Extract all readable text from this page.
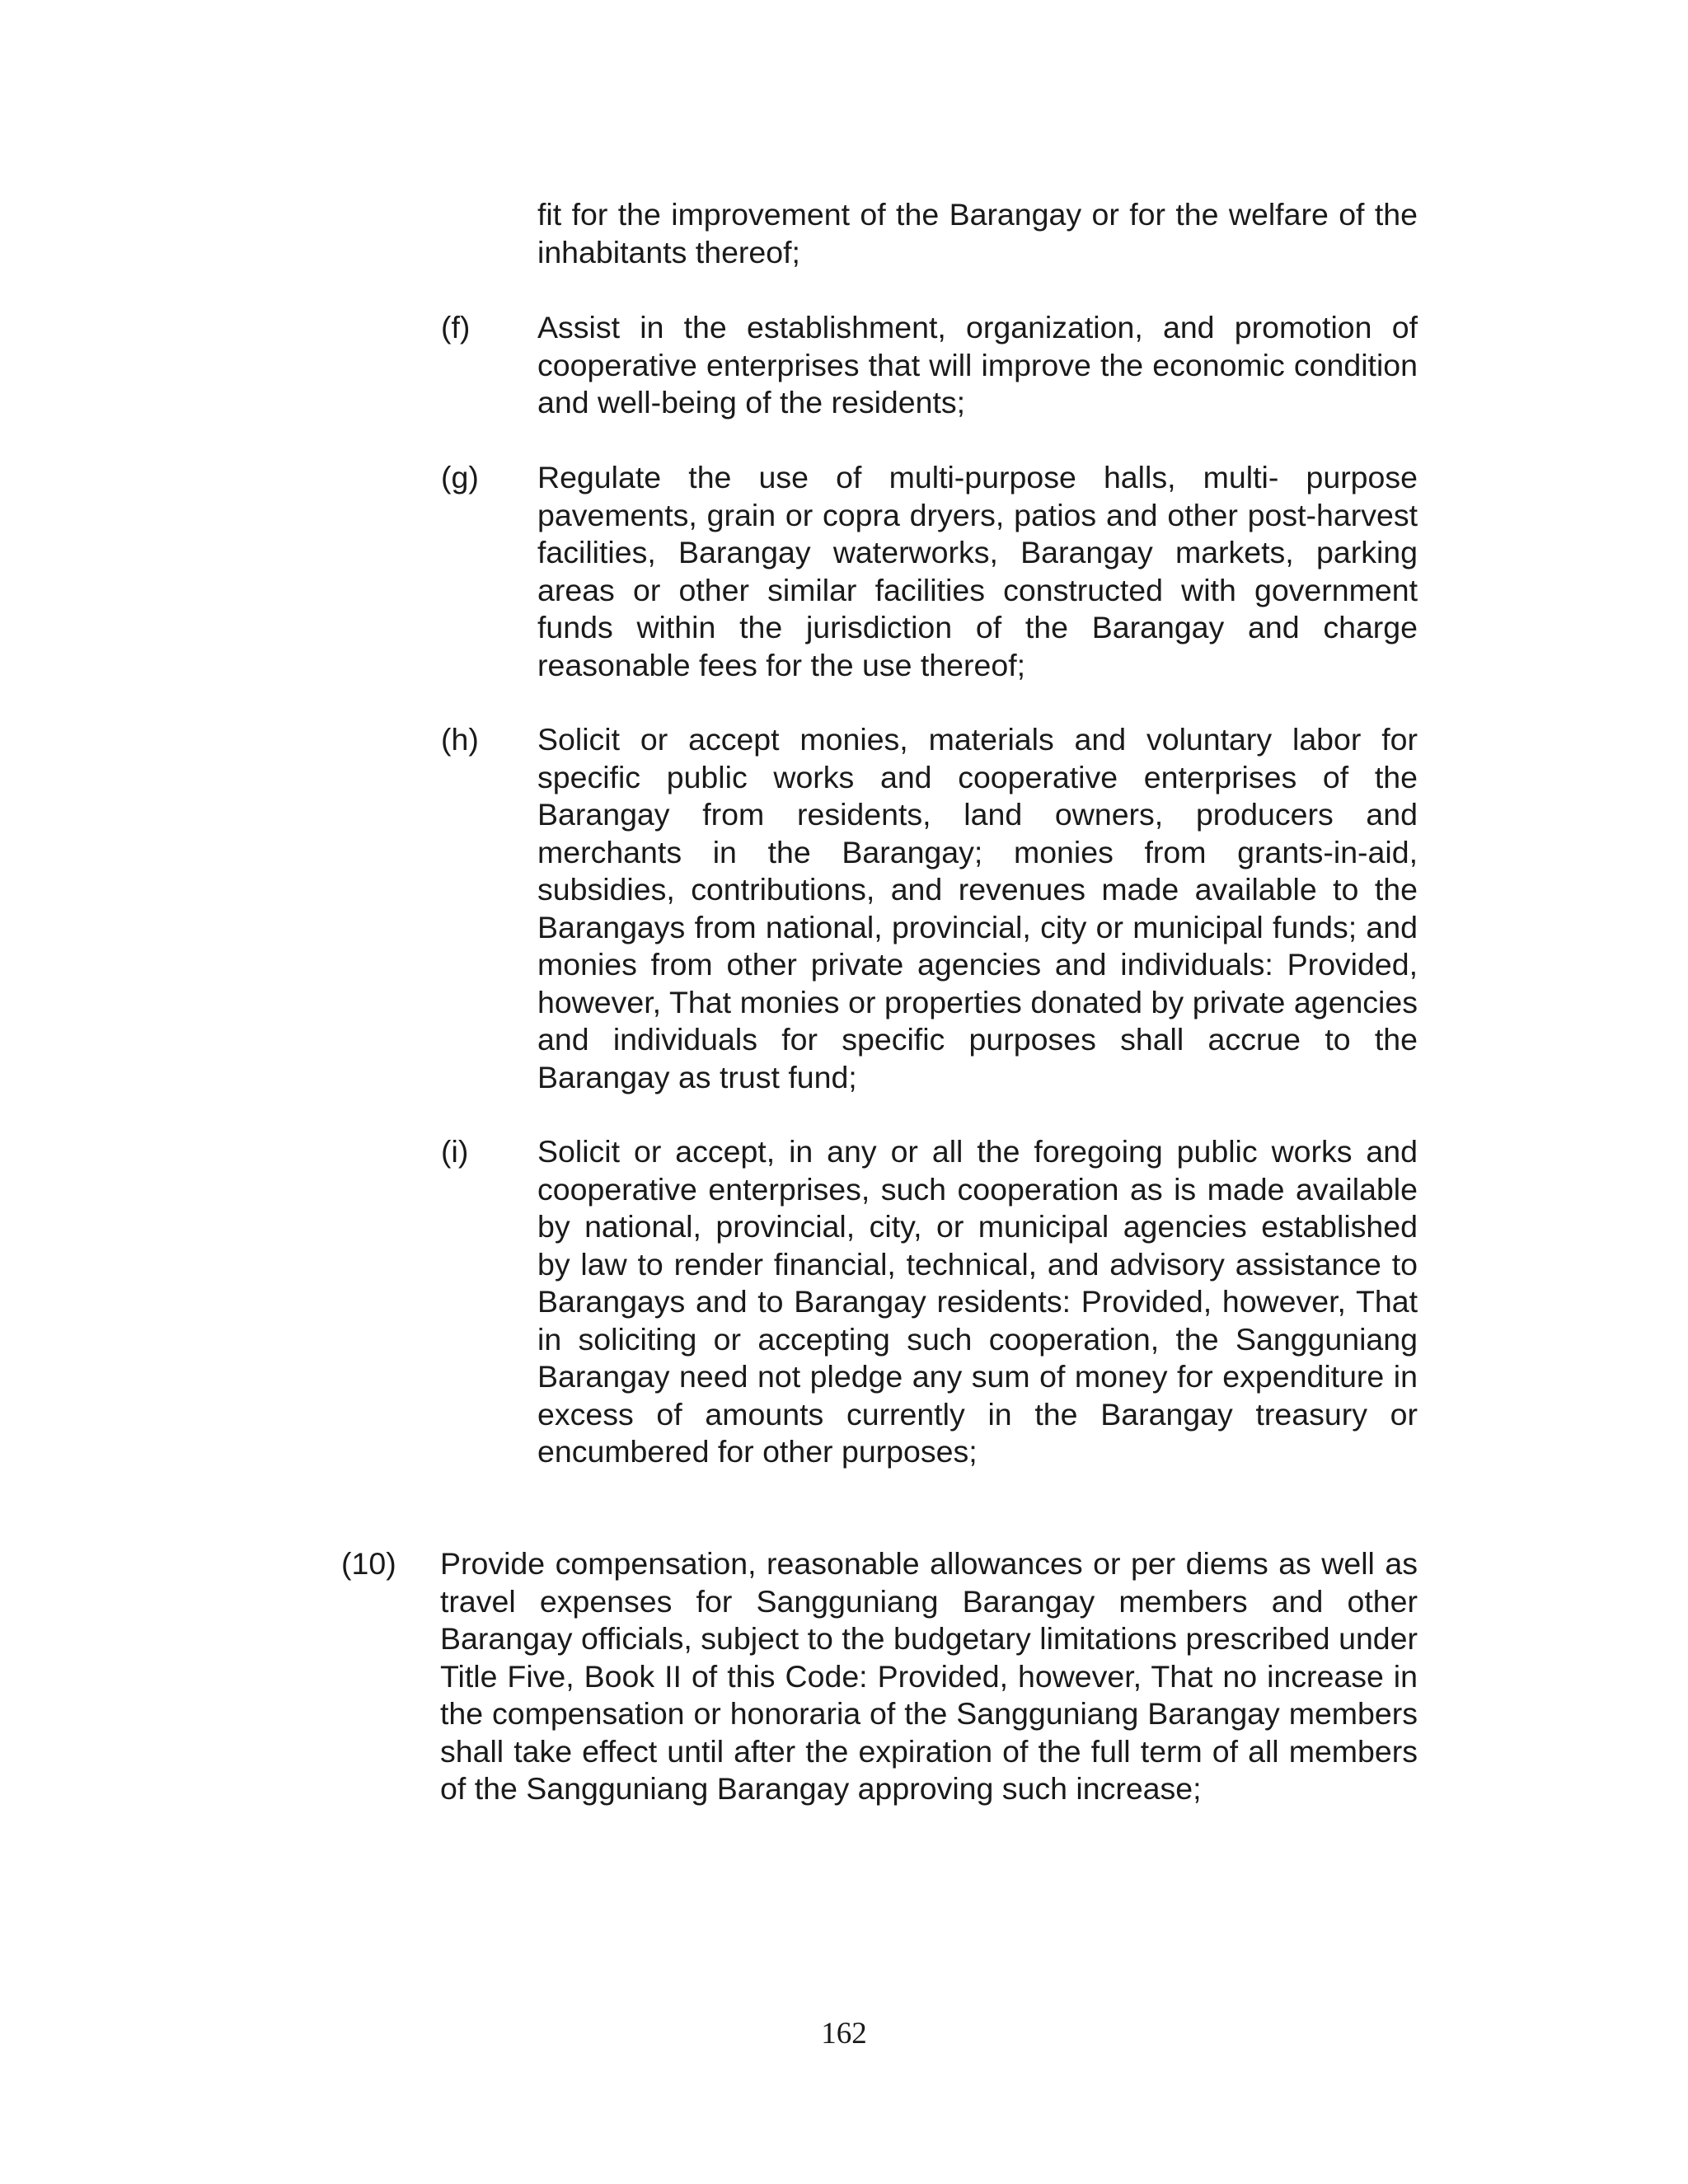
fit for the improvement of the Barangay or for the welfare of the inhabitants thereof;
(f) Assist in the establishment, organization, and promotion of cooperative enterprises that will improve the economic condition and well-being of the residents;
(g) Regulate the use of multi-purpose halls, multi- purpose pavements, grain or copra dryers, patios and other post-harvest facilities, Barangay waterworks, Barangay markets, parking areas or other similar facilities constructed with government funds within the jurisdiction of the Barangay and charge reasonable fees for the use thereof;
(h) Solicit or accept monies, materials and voluntary labor for specific public works and cooperative enterprises of the Barangay from residents, land owners, producers and merchants in the Barangay; monies from grants-in-aid, subsidies, contributions, and revenues made available to the Barangays from national, provincial, city or municipal funds; and monies from other private agencies and individuals: Provided, however, That monies or properties donated by private agencies and individuals for specific purposes shall accrue to the Barangay as trust fund;
(i) Solicit or accept, in any or all the foregoing public works and cooperative enterprises, such cooperation as is made available by national, provincial, city, or municipal agencies established by law to render financial, technical, and advisory assistance to Barangays and to Barangay residents: Provided, however, That in soliciting or accepting such cooperation, the Sangguniang Barangay need not pledge any sum of money for expenditure in excess of amounts currently in the Barangay treasury or encumbered for other purposes;
(10) Provide compensation, reasonable allowances or per diems as well as travel expenses for Sangguniang Barangay members and other Barangay officials, subject to the budgetary limitations prescribed under Title Five, Book II of this Code: Provided, however, That no increase in the compensation or honoraria of the Sangguniang Barangay members shall take effect until after the expiration of the full term of all members of the Sangguniang Barangay approving such increase;
162
